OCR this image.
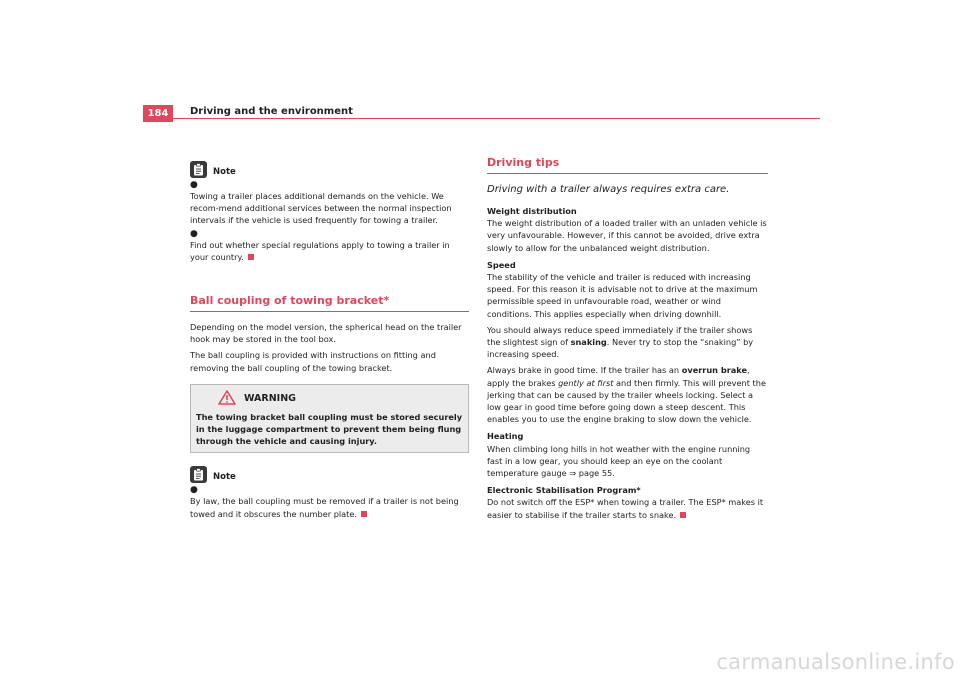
184	Driving and the environment
Note
●
Towing a trailer places additional demands on the vehicle. We recom-mend additional services between the normal inspection intervals if the vehicle is used frequently for towing a trailer.
●
Find out whether special regulations apply to towing a trailer in your country.
Ball coupling of towing bracket*

Depending on the model version, the spherical head on the trailer hook may be stored in the tool box.

The ball coupling is provided with instructions on fitting and removing the ball coupling of the towing bracket.

WARNING
The towing bracket ball coupling must be stored securely in the luggage compartment to prevent them being flung through the vehicle and causing injury.
Note
●
By law, the ball coupling must be removed if a trailer is not being towed and it obscures the number plate.
Driving tips
Driving with a trailer always requires extra care.
Weight distribution

The weight distribution of a loaded trailer with an unladen vehicle is very unfavourable. However, if this cannot be avoided, drive extra slowly to allow for the unbalanced weight distribution.

Speed

The stability of the vehicle and trailer is reduced with increasing speed. For this reason it is advisable not to drive at the maximum permissible speed in unfavourable road, weather or wind conditions. This applies especially when driving downhill.

You should always reduce speed immediately if the trailer shows the slightest sign of snaking. Never try to stop the “snaking” by increasing speed.

Always brake in good time. If the trailer has an overrun brake, apply the brakes gently at first and then firmly. This will prevent the jerking that can be caused by the trailer wheels locking. Select a low gear in good time before going down a steep descent. This enables you to use the engine braking to slow down the vehicle.

Heating

When climbing long hills in hot weather with the engine running fast in a low gear, you should keep an eye on the coolant temperature gauge ⇒ page 55.

Electronic Stabilisation Program*

Do not switch off the ESP* when towing a trailer. The ESP* makes it easier to stabilise if the trailer starts to snake.

carmanualsonline.info
